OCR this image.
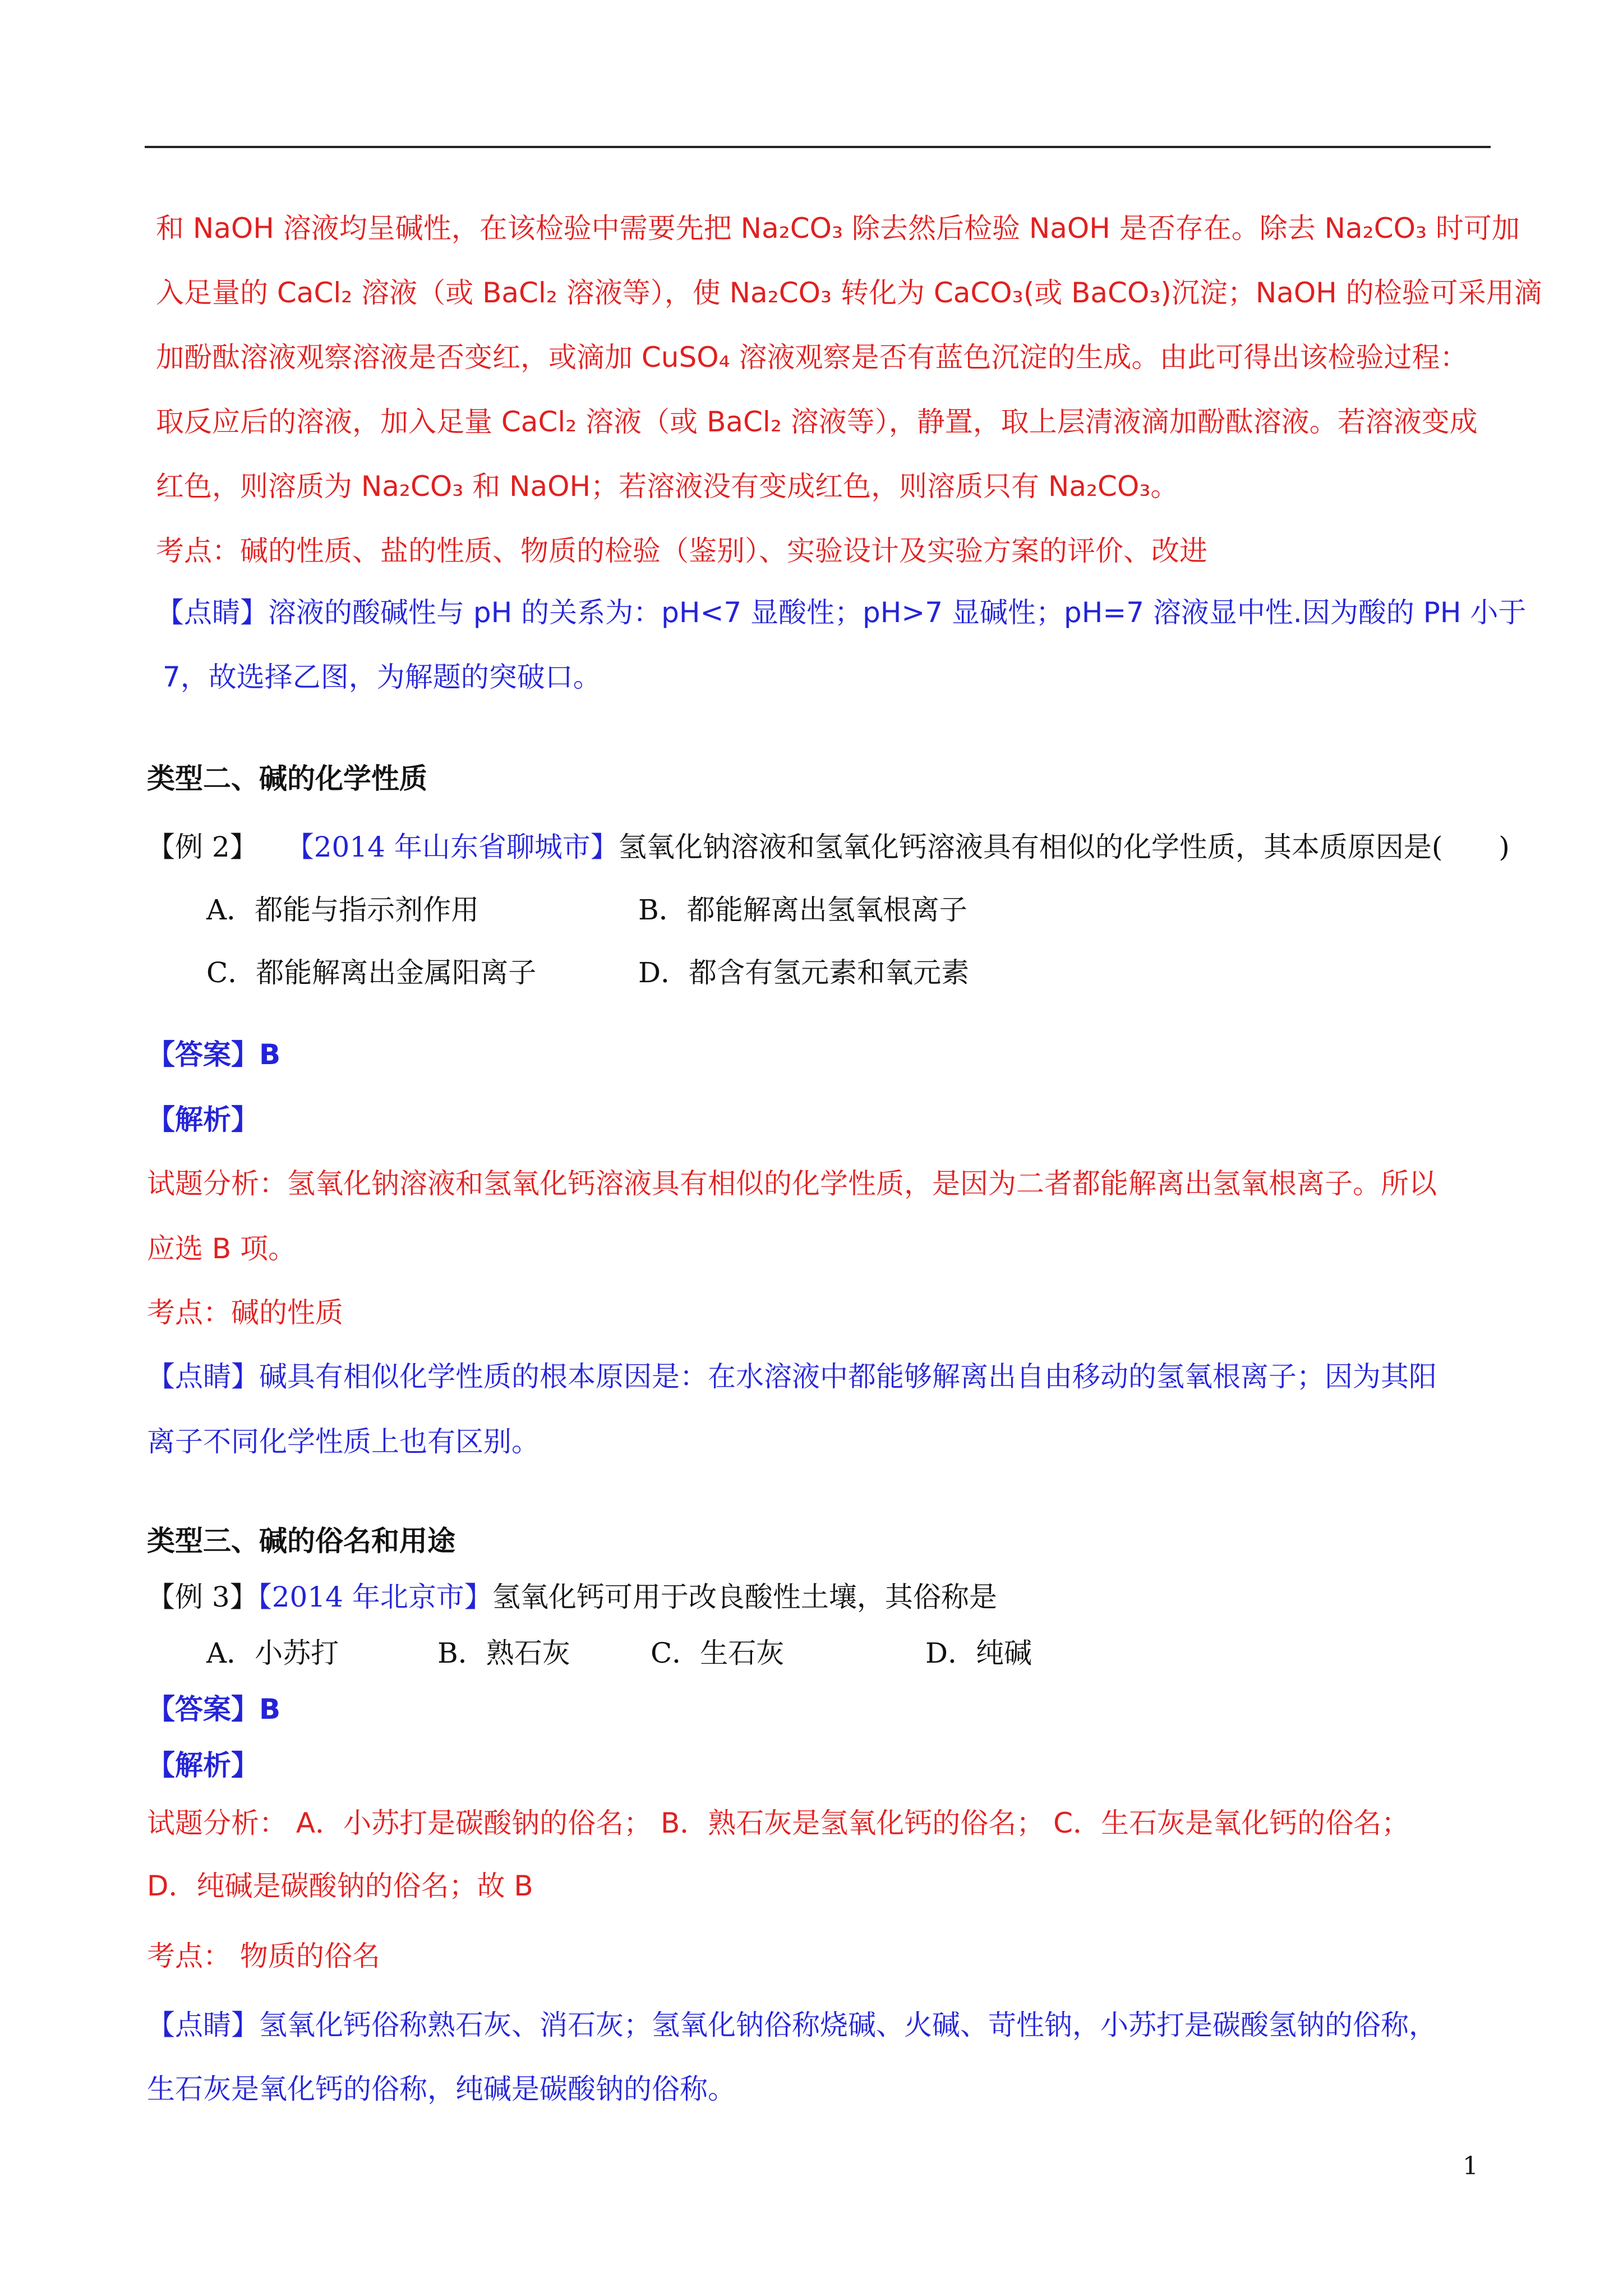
和 NaOH 溶液均呈碱性，在该检验中需要先把 Na₂CO₃ 除去然后检验 NaOH 是否存在。除去 Na₂CO₃ 时可加
入足量的 CaCl₂ 溶液（或 BaCl₂ 溶液等），使 Na₂CO₃ 转化为 CaCO₃(或 BaCO₃)沉淀；NaOH 的检验可采用滴
加酚酞溶液观察溶液是否变红，或滴加 CuSO₄ 溶液观察是否有蓝色沉淀的生成。由此可得出该检验过程：
取反应后的溶液，加入足量 CaCl₂ 溶液（或 BaCl₂ 溶液等），静置，取上层清液滴加酚酞溶液。若溶液变成
红色，则溶质为 Na₂CO₃ 和 NaOH；若溶液没有变成红色，则溶质只有 Na₂CO₃。
考点：碱的性质、盐的性质、物质的检验（鉴别）、实验设计及实验方案的评价、改进
【点睛】溶液的酸碱性与 pH 的关系为：pH<7 显酸性；pH>7 显碱性；pH=7 溶液显中性.因为酸的 PH 小于
7，故选择乙图，为解题的突破口。
类型二、碱的化学性质
【例 2】 【2014 年山东省聊城市】氢氧化钠溶液和氢氧化钙溶液具有相似的化学性质，其本质原因是(　　)
A．都能与指示剂作用	B．都能解离出氢氧根离子
C．都能解离出金属阳离子	D．都含有氢元素和氧元素
【答案】B
【解析】
试题分析：氢氧化钠溶液和氢氧化钙溶液具有相似的化学性质，是因为二者都能解离出氢氧根离子。所以
应选 B 项。
考点：碱的性质
【点睛】碱具有相似化学性质的根本原因是：在水溶液中都能够解离出自由移动的氢氧根离子；因为其阳
离子不同化学性质上也有区别。
类型三、碱的俗名和用途
【例 3】【2014 年北京市】氢氧化钙可用于改良酸性土壤，其俗称是
A．小苏打	B．熟石灰	C．生石灰	D．纯碱
【答案】B
【解析】
试题分析： A．小苏打是碳酸钠的俗名； B．熟石灰是氢氧化钙的俗名； C．生石灰是氧化钙的俗名；
D．纯碱是碳酸钠的俗名；故 B
考点： 物质的俗名
【点睛】氢氧化钙俗称熟石灰、消石灰；氢氧化钠俗称烧碱、火碱、苛性钠，小苏打是碳酸氢钠的俗称，
生石灰是氧化钙的俗称，纯碱是碳酸钠的俗称。
1
